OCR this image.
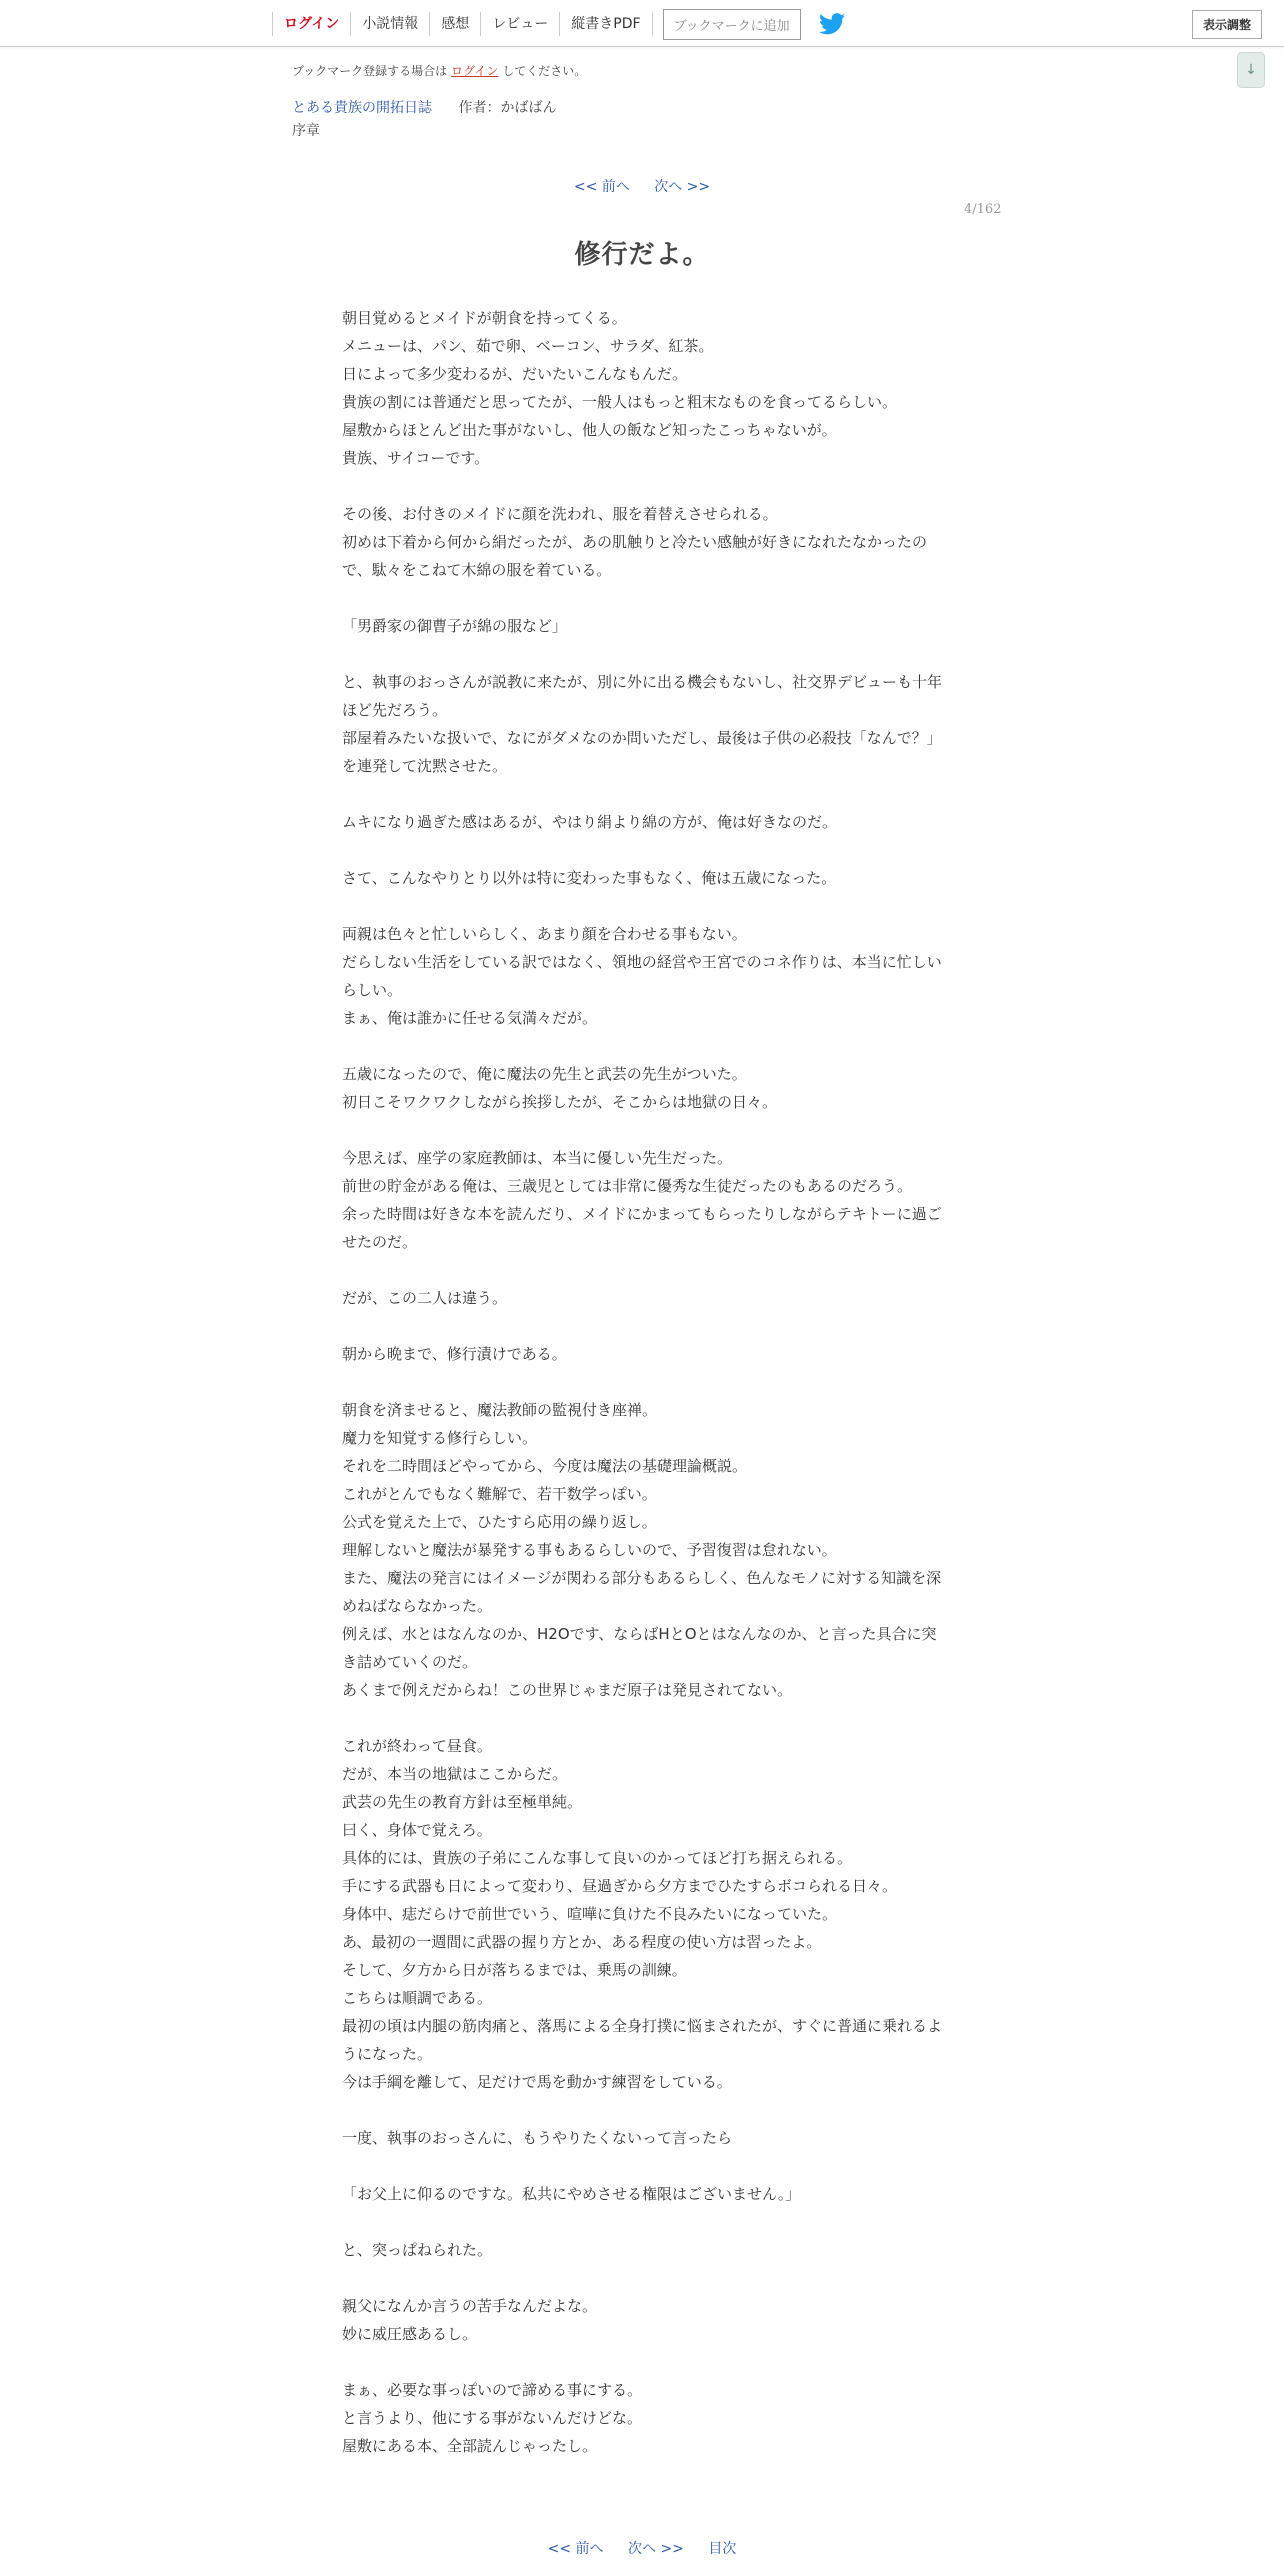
ログイン	小説情報	感想	レビュー	縦書きPDF	ブックマークに追加	表示調整
↓
ブックマーク登録する場合は ログイン してください。
とある貴族の開拓日誌 作者：かばばん
序章
<< 前へ 次へ >>
4/162
修行だよ。

朝目覚めるとメイドが朝食を持ってくる。

メニューは、パン、茹で卵、ベーコン、サラダ、紅茶。

日によって多少変わるが、だいたいこんなもんだ。

貴族の割には普通だと思ってたが、一般人はもっと粗末なものを食ってるらしい。

屋敷からほとんど出た事がないし、他人の飯など知ったこっちゃないが。

貴族、サイコーです。

その後、お付きのメイドに顔を洗われ、服を着替えさせられる。

初めは下着から何から絹だったが、あの肌触りと冷たい感触が好きになれたなかったので、駄々をこねて木綿の服を着ている。

「男爵家の御曹子が綿の服など」

と、執事のおっさんが説教に来たが、別に外に出る機会もないし、社交界デビューも十年ほど先だろう。

部屋着みたいな扱いで、なにがダメなのか問いただし、最後は子供の必殺技「なんで？」を連発して沈黙させた。

ムキになり過ぎた感はあるが、やはり絹より綿の方が、俺は好きなのだ。

さて、こんなやりとり以外は特に変わった事もなく、俺は五歳になった。

両親は色々と忙しいらしく、あまり顔を合わせる事もない。

だらしない生活をしている訳ではなく、領地の経営や王宮でのコネ作りは、本当に忙しいらしい。

まぁ、俺は誰かに任せる気満々だが。

五歳になったので、俺に魔法の先生と武芸の先生がついた。

初日こそワクワクしながら挨拶したが、そこからは地獄の日々。

今思えば、座学の家庭教師は、本当に優しい先生だった。

前世の貯金がある俺は、三歳児としては非常に優秀な生徒だったのもあるのだろう。

余った時間は好きな本を読んだり、メイドにかまってもらったりしながらテキトーに過ごせたのだ。

だが、この二人は違う。

朝から晩まで、修行漬けである。

朝食を済ませると、魔法教師の監視付き座禅。

魔力を知覚する修行らしい。

それを二時間ほどやってから、今度は魔法の基礎理論概説。

これがとんでもなく難解で、若干数学っぽい。

公式を覚えた上で、ひたすら応用の繰り返し。

理解しないと魔法が暴発する事もあるらしいので、予習復習は怠れない。

また、魔法の発言にはイメージが関わる部分もあるらしく、色んなモノに対する知識を深めねばならなかった。

例えば、水とはなんなのか、H2Oです、ならばHとOとはなんなのか、と言った具合に突き詰めていくのだ。

あくまで例えだからね！この世界じゃまだ原子は発見されてない。

これが終わって昼食。

だが、本当の地獄はここからだ。

武芸の先生の教育方針は至極単純。

曰く、身体で覚えろ。

具体的には、貴族の子弟にこんな事して良いのかってほど打ち据えられる。

手にする武器も日によって変わり、昼過ぎから夕方までひたすらボコられる日々。

身体中、痣だらけで前世でいう、喧嘩に負けた不良みたいになっていた。

あ、最初の一週間に武器の握り方とか、ある程度の使い方は習ったよ。

そして、夕方から日が落ちるまでは、乗馬の訓練。

こちらは順調である。

最初の頃は内腿の筋肉痛と、落馬による全身打撲に悩まされたが、すぐに普通に乗れるようになった。

今は手綱を離して、足だけで馬を動かす練習をしている。

一度、執事のおっさんに、もうやりたくないって言ったら

「お父上に仰るのですな。私共にやめさせる権限はございません。」

と、突っぱねられた。

親父になんか言うの苦手なんだよな。

妙に威圧感あるし。

まぁ、必要な事っぽいので諦める事にする。

と言うより、他にする事がないんだけどな。

屋敷にある本、全部読んじゃったし。

<< 前へ 次へ >> 目次
